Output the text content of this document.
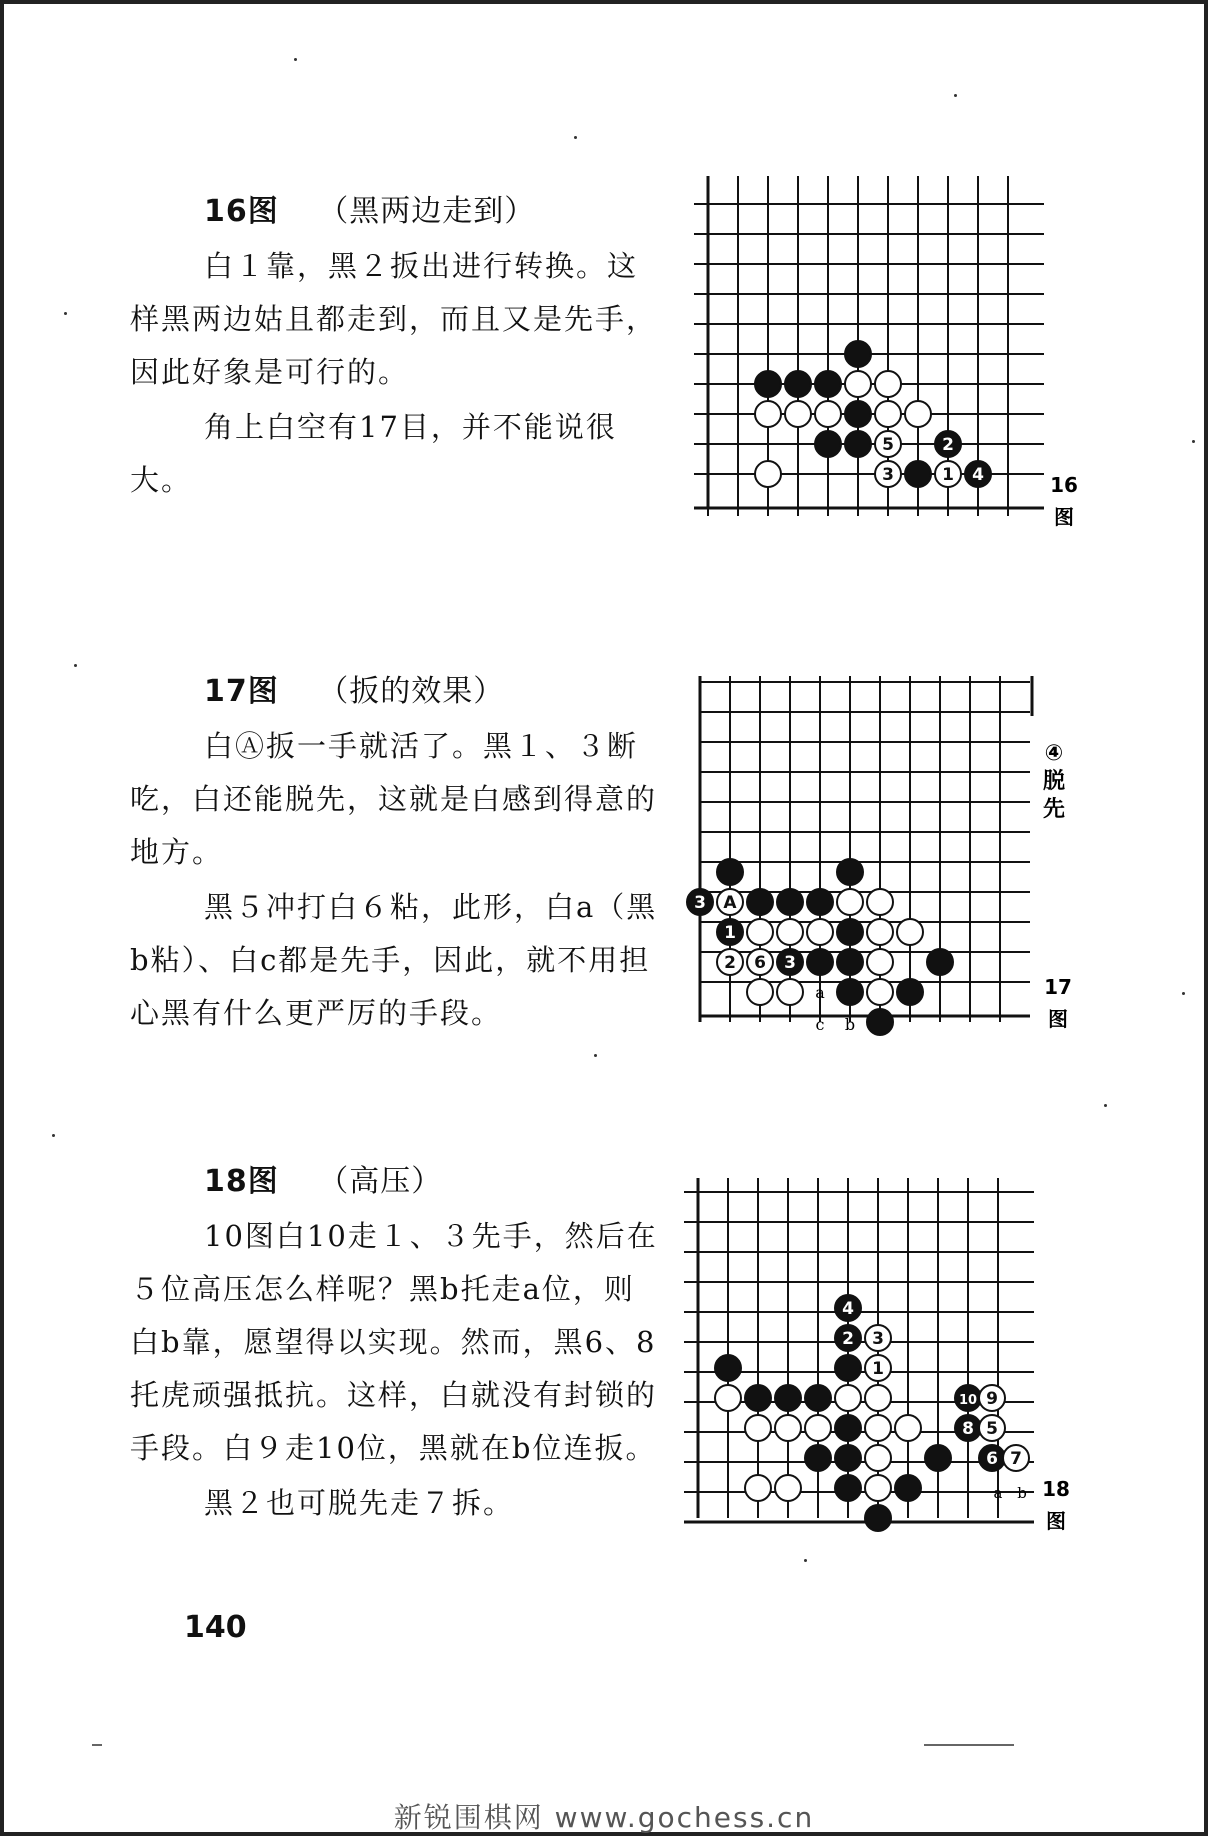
16图 （黑两边走到）

白１靠，黑２扳出进行转换。这样黑两边姑且都走到，而且又是先手，因此好象是可行的。

角上白空有17目，并不能说很大。

5	2
3	1 4	16
图
17图 （扳的效果）

白Ⓐ扳一手就活了。黑１、３断吃，白还能脱先，这就是白感到得意的地方。

黑５冲打白６粘，此形，白a（黑b粘）、白c都是先手，因此，就不用担心黑有什么更严厉的手段。

3 A
1
2 6 3
a
c b
④
脱
先
17
图
18图 （高压）

10图白10走１、３先手，然后在５位高压怎么样呢？黑b托走a位，则白b靠，愿望得以实现。然而，黑6、8托虎顽强抵抗。这样，白就没有封锁的手段。白９走10位，黑就在b位连扳。

黑２也可脱先走７拆。

4
2 3
1
10 9
8 5
6 7
a b 18
图
140
新锐围棋网 www.gochess.cn
